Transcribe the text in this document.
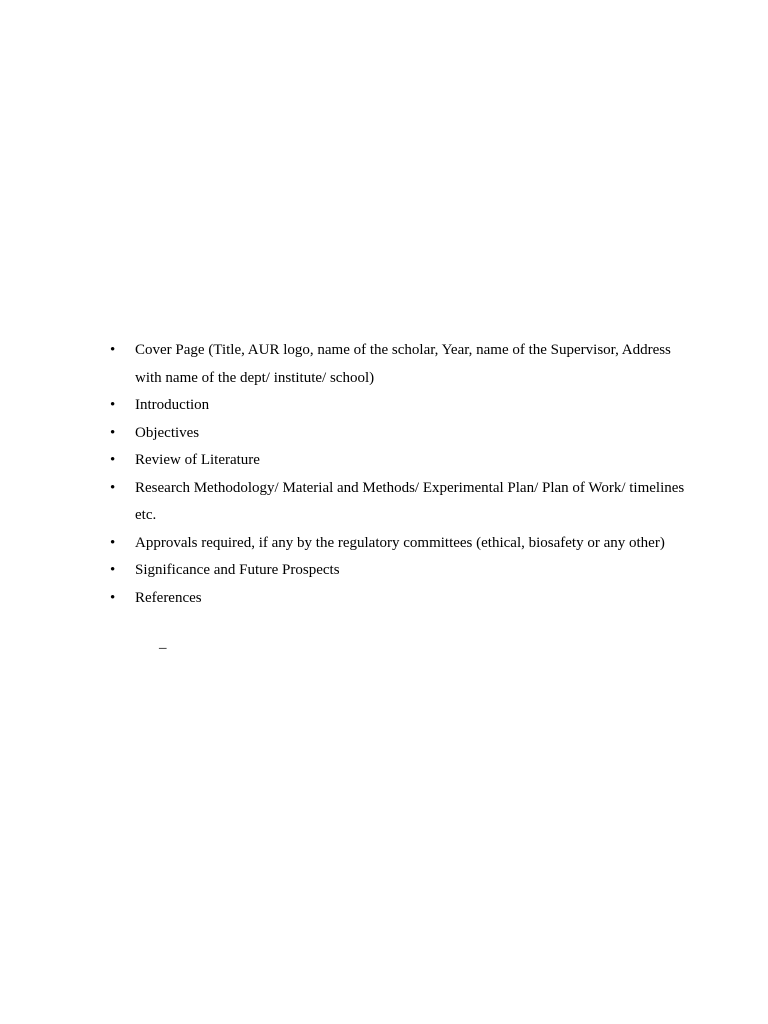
•	Cover Page (Title, AUR logo, name of the scholar, Year, name of the Supervisor, Address
with name of the dept/ institute/ school)
•	Introduction
•	Objectives
•	Review of Literature
•	Research Methodology/ Material and Methods/ Experimental Plan/ Plan of Work/ timelines
etc.
•	Approvals required, if any by the regulatory committees (ethical, biosafety or any other)
•	Significance and Future Prospects
•	References
–
